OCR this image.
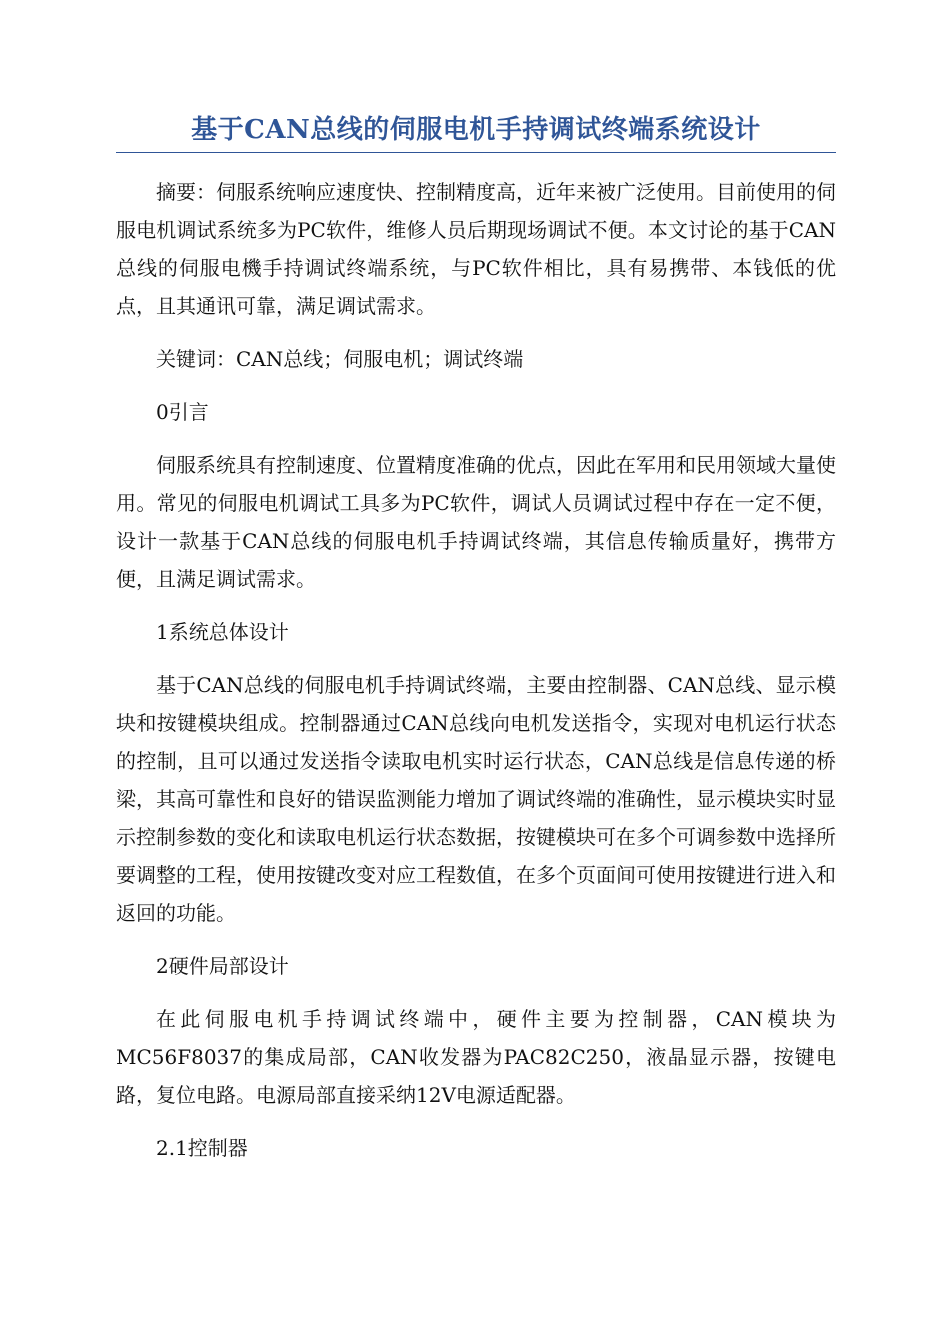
基于CAN总线的伺服电机手持调试终端系统设计

摘要：伺服系统响应速度快、控制精度高，近年来被广泛使用。目前使用的伺服电机调试系统多为PC软件，维修人员后期现场调试不便。本文讨论的基于CAN总线的伺服电機手持调试终端系统，与PC软件相比，具有易携带、本钱低的优点，且其通讯可靠，满足调试需求。

关键词：CAN总线；伺服电机；调试终端

0引言

伺服系统具有控制速度、位置精度准确的优点，因此在军用和民用领域大量使用。常见的伺服电机调试工具多为PC软件，调试人员调试过程中存在一定不便，设计一款基于CAN总线的伺服电机手持调试终端，其信息传输质量好，携带方便，且满足调试需求。

1系统总体设计

基于CAN总线的伺服电机手持调试终端，主要由控制器、CAN总线、显示模块和按键模块组成。控制器通过CAN总线向电机发送指令，实现对电机运行状态的控制，且可以通过发送指令读取电机实时运行状态，CAN总线是信息传递的桥梁，其高可靠性和良好的错误监测能力增加了调试终端的准确性，显示模块实时显示控制参数的变化和读取电机运行状态数据，按键模块可在多个可调参数中选择所要调整的工程，使用按键改变对应工程数值，在多个页面间可使用按键进行进入和返回的功能。

2硬件局部设计

在此伺服电机手持调试终端中，硬件主要为控制器，CAN模块为MC56F8037的集成局部，CAN收发器为PAC82C250，液晶显示器，按键电路，复位电路。电源局部直接采纳12V电源适配器。

2.1控制器
